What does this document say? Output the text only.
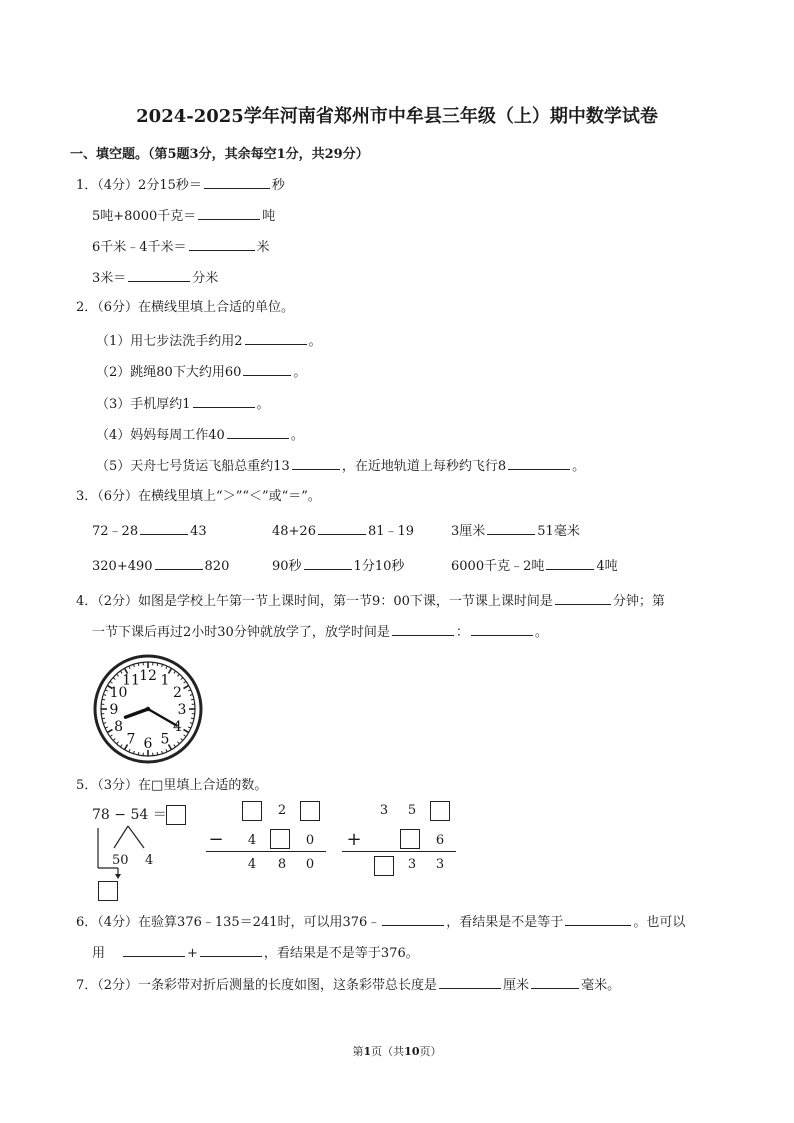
2024-2025学年河南省郑州市中牟县三年级（上）期中数学试卷
一、填空题。（第5题3分，其余每空1分，共29分）
1．（4分）2分15秒＝	秒
5吨+8000千克＝	吨
6千米﹣4千米＝	米
3米＝	分米
2．（6分）在横线里填上合适的单位。
（1）用七步法洗手约用2	。
（2）跳绳80下大约用60	。
（3）手机厚约1	。
（4）妈妈每周工作40	。
（5）天舟七号货运飞船总重约13	，在近地轨道上每秒约飞行8	。
3．（6分）在横线里填上“＞”“＜”或“＝”。
72﹣28	43	48+26	81﹣19	3厘米	51毫米
320+490	820	90秒	1分10秒	6000千克﹣2吨	4吨
4．（2分）如图是学校上午第一节上课时间，第一节9：00下课，一节课上课时间是	分钟；第
一节下课后再过2小时30分钟就放学了，放学时间是	：	。
12 1
2
3
4
5
6
7
8
9
10
11
5．（3分）在□里填上合适的数。
78 − 54 ＝
50 4
2
−	4	0
4	8	0
3	5
+	6
3	3
6．（4分）在验算376﹣135＝241时，可以用376﹣	，看结果是不是等于	。也可以
用	+	，看结果是不是等于376。
7．（2分）一条彩带对折后测量的长度如图，这条彩带总长度是	厘米	毫米。
第1页（共10页）
